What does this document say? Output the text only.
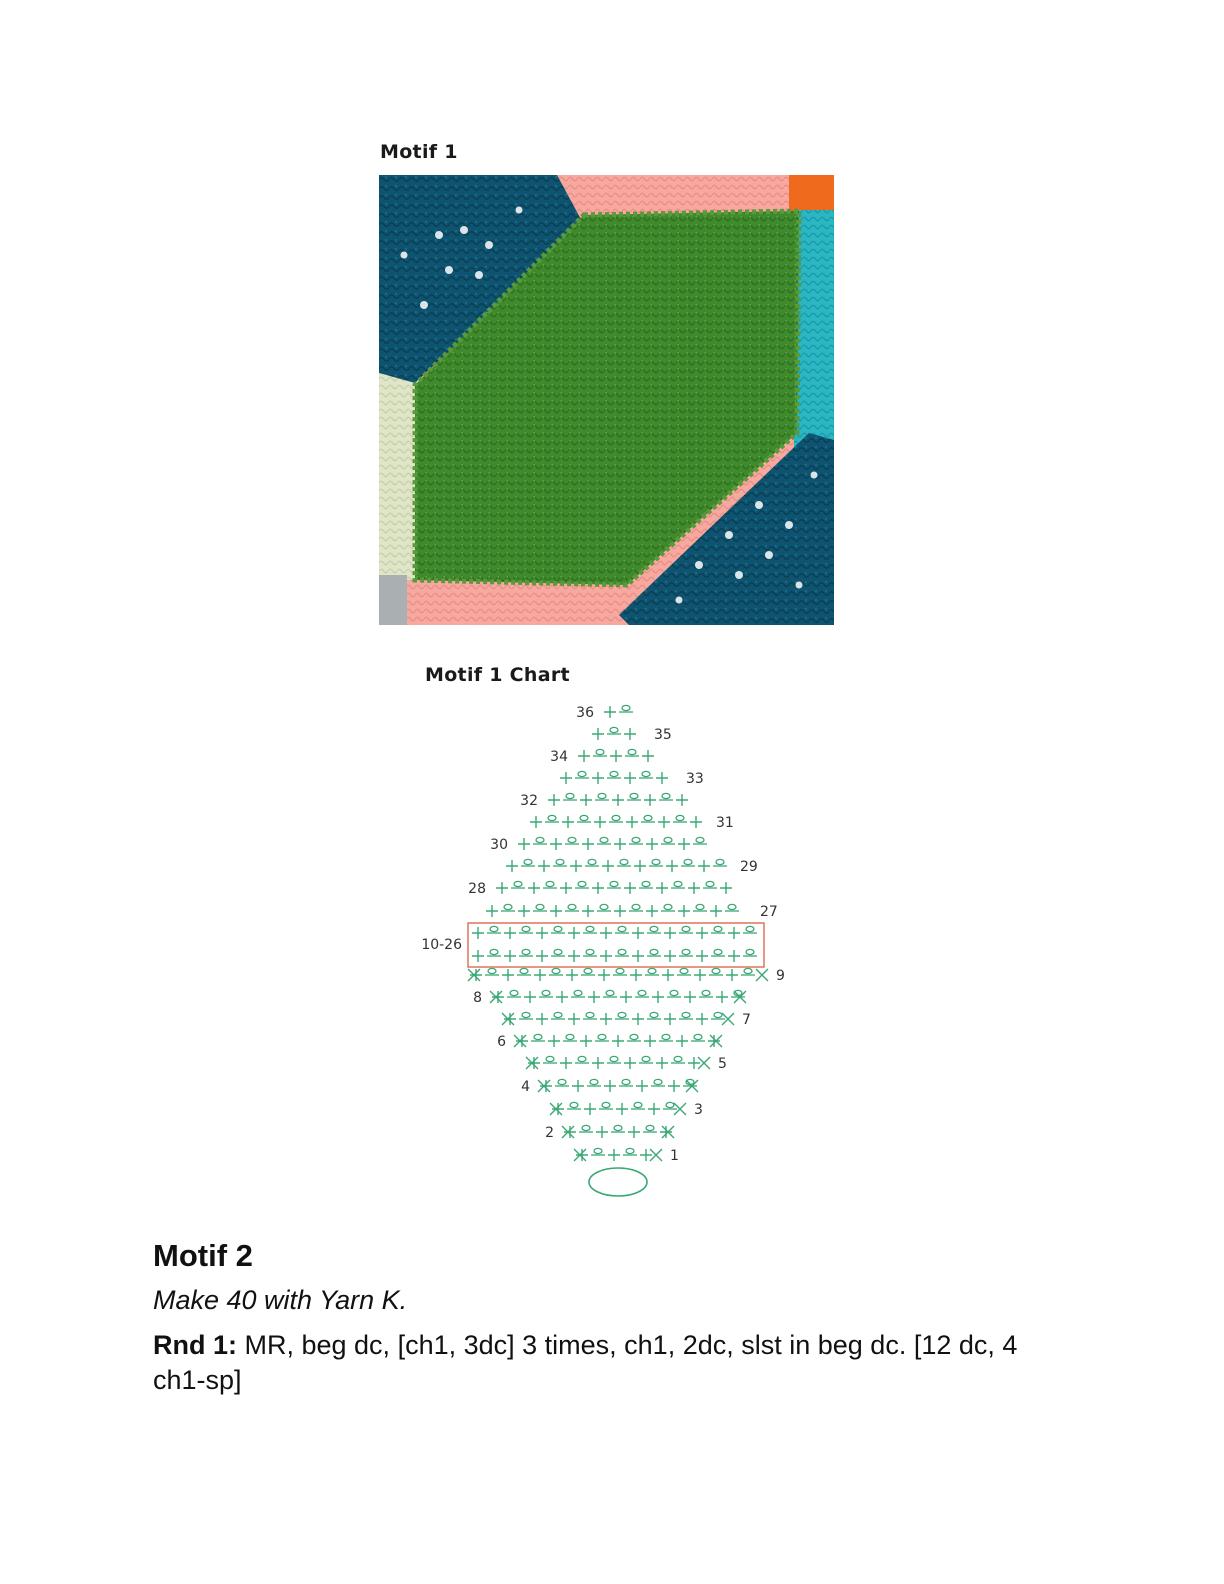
Motif 1
Motif 1 Chart
1
2
3
4
5
6
7
8
9
27
28
29
30
31
32
33
34
35
36
10-26
Motif 2
Make 40 with Yarn K.
Rnd 1: MR, beg dc, [ch1, 3dc] 3 times, ch1, 2dc, slst in beg dc. [12 dc, 4 ch1-sp]
